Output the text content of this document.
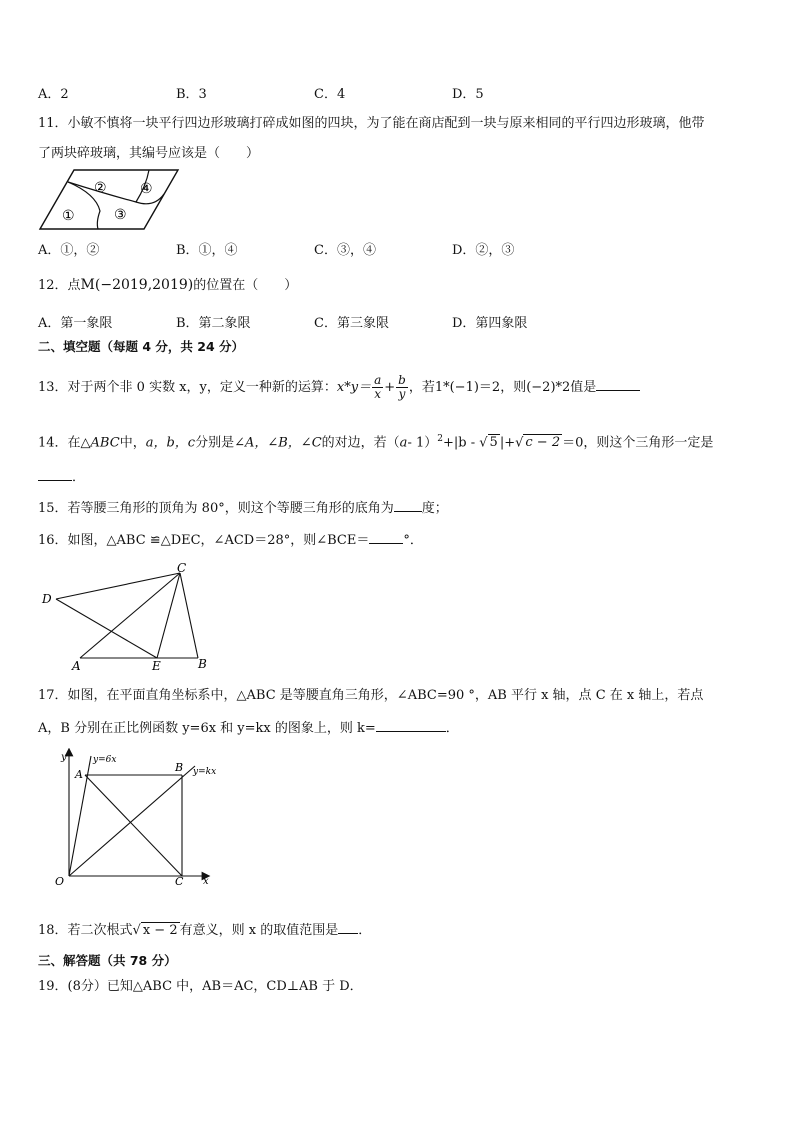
A．2	B．3	C．4	D．5
11．小敏不慎将一块平行四边形玻璃打碎成如图的四块，为了能在商店配到一块与原来相同的平行四边形玻璃，他带
了两块碎玻璃，其编号应该是（　　）
② ④
①	③
A．①，②	B．①，④	C．③，④	D．②，③
12．点M(−2019,2019)的位置在（　　）
A．第一象限	B．第二象限	C．第三象限	D．第四象限
二、填空题（每题 4 分，共 24 分）
13．对于两个非 0 实数 x，y，定义一种新的运算：$x*y= \frac{a}{x} + \frac{b}{y}$ ，若1*(−1)＝2，则(−2)*2值是
14．在△ABC中，a，b，c分别是∠A，∠B，∠C的对边，若（a- 1）$^2$+|b - √ 5 |+√ c − 2 ＝0，则这个三角形一定是
．
15．若等腰三角形的顶角为 80°，则这个等腰三角形的底角为 度；
16．如图，△ABC ≌△DEC，∠ACD＝28°，则∠BCE＝	°．
C
D
A	E	B
17．如图，在平面直角坐标系中，△ABC 是等腰直角三角形，∠ABC=90 °，AB 平行 x 轴，点 C 在 x 轴上，若点
A，B 分别在正比例函数 y=6x 和 y=kx 的图象上，则 k=	．
y
x
O
A
B
C
y=6x
y=kx
18．若二次根式√ x − 2 有意义，则 x 的取值范围是 ．
三、解答题（共 78 分）
19．(8分）已知△ABC 中，AB＝AC，CD⊥AB 于 D．
